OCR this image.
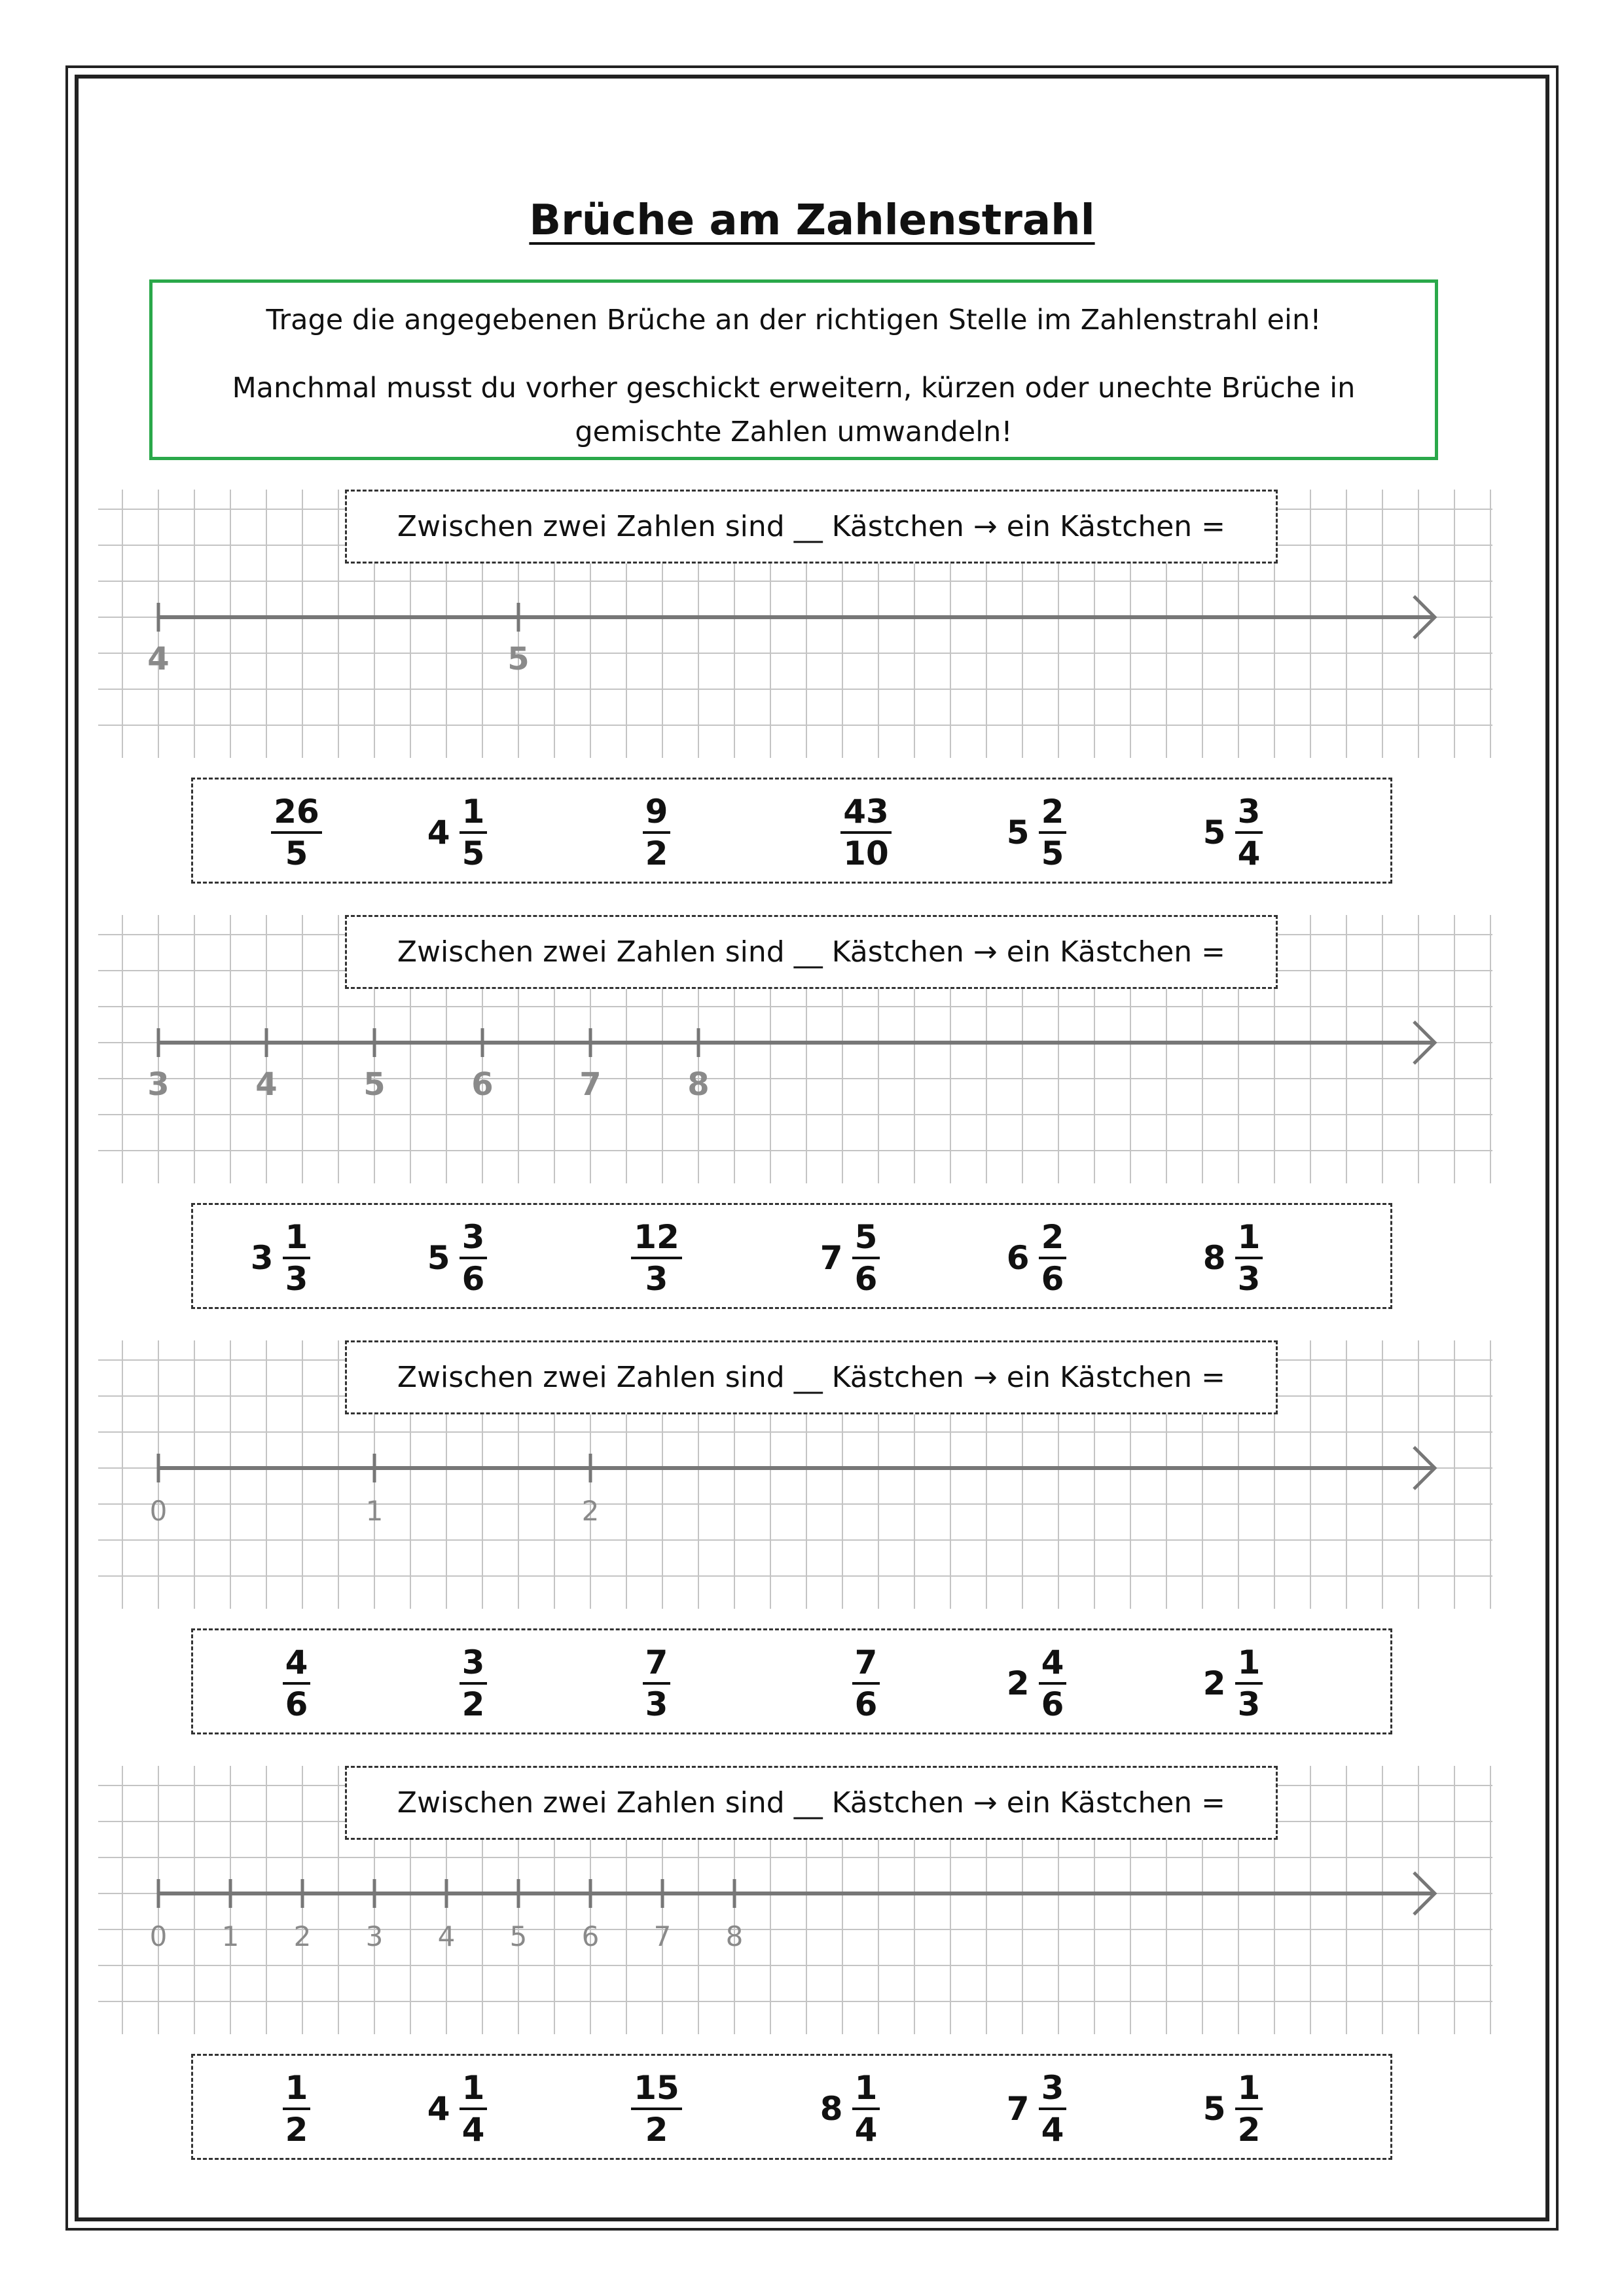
Brüche am Zahlenstrahl
Trage die angegebenen Brüche an der richtigen Stelle im Zahlenstrahl ein!
Manchmal musst du vorher geschickt erweitern, kürzen oder unechte Brüche in gemischte Zahlen umwandeln!
4	5
Zwischen zwei Zahlen sind __ Kästchen → ein Kästchen =
$\frac{26}{5}$	$4 \frac{1}{5}$	$\frac{9}{2}$	$\frac{43}{10}$	$5 \frac{2}{5}$	$5 \frac{3}{4}$
3	4	5	6	7	8
Zwischen zwei Zahlen sind __ Kästchen → ein Kästchen =
$3 \frac{1}{3}$	$5 \frac{3}{6}$	$\frac{12}{3}$	$7 \frac{5}{6}$	$6 \frac{2}{6}$	$8 \frac{1}{3}$
0	1	2
Zwischen zwei Zahlen sind __ Kästchen → ein Kästchen =
$\frac{4}{6}$	$\frac{3}{2}$	$\frac{7}{3}$	$\frac{7}{6}$	$2 \frac{4}{6}$	$2 \frac{1}{3}$
0 1 2 3 4 5 6 7 8
Zwischen zwei Zahlen sind __ Kästchen → ein Kästchen =
$\frac{1}{2}$	$4 \frac{1}{4}$	$\frac{15}{2}$	$8 \frac{1}{4}$	$7 \frac{3}{4}$	$5 \frac{1}{2}$
